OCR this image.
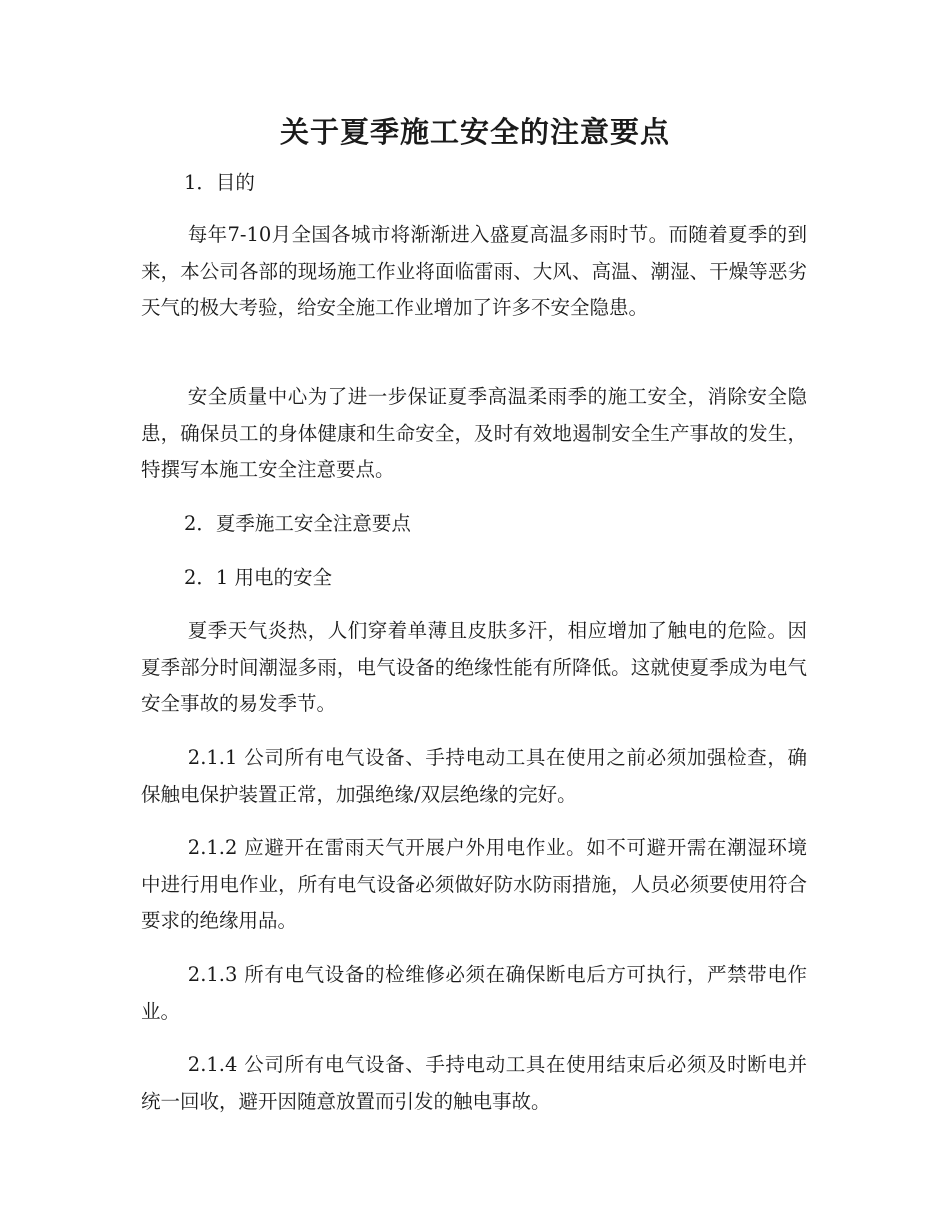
关于夏季施工安全的注意要点

1．目的

每年7-10月全国各城市将渐渐进入盛夏高温多雨时节。而随着夏季的到来，本公司各部的现场施工作业将面临雷雨、大风、高温、潮湿、干燥等恶劣天气的极大考验，给安全施工作业增加了许多不安全隐患。

安全质量中心为了进一步保证夏季高温柔雨季的施工安全，消除安全隐患，确保员工的身体健康和生命安全，及时有效地遏制安全生产事故的发生，特撰写本施工安全注意要点。

2．夏季施工安全注意要点

2．1 用电的安全

夏季天气炎热，人们穿着单薄且皮肤多汗，相应增加了触电的危险。因夏季部分时间潮湿多雨，电气设备的绝缘性能有所降低。这就使夏季成为电气安全事故的易发季节。

2.1.1 公司所有电气设备、手持电动工具在使用之前必须加强检查，确保触电保护装置正常，加强绝缘/双层绝缘的完好。

2.1.2 应避开在雷雨天气开展户外用电作业。如不可避开需在潮湿环境中进行用电作业，所有电气设备必须做好防水防雨措施，人员必须要使用符合要求的绝缘用品。

2.1.3 所有电气设备的检维修必须在确保断电后方可执行，严禁带电作业。

2.1.4 公司所有电气设备、手持电动工具在使用结束后必须及时断电并统一回收，避开因随意放置而引发的触电事故。
